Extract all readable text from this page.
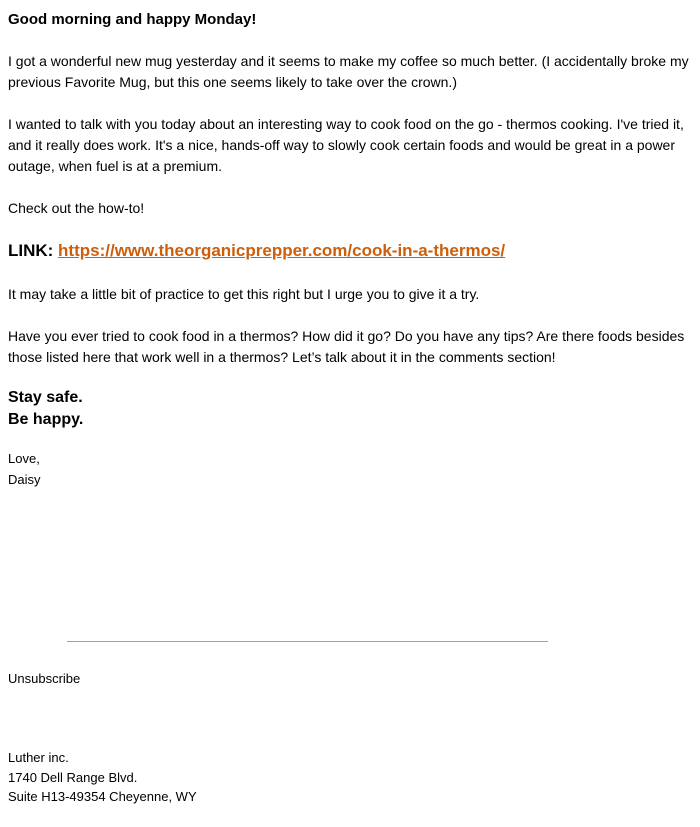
Good morning and happy Monday!

I got a wonderful new mug yesterday and it seems to make my coffee so much better. (I accidentally broke my previous Favorite Mug, but this one seems likely to take over the crown.)

I wanted to talk with you today about an interesting way to cook food on the go - thermos cooking. I've tried it, and it really does work. It's a nice, hands-off way to slowly cook certain foods and would be great in a power outage, when fuel is at a premium.

Check out the how-to!

LINK: https://www.theorganicprepper.com/cook-in-a-thermos/

It may take a little bit of practice to get this right but I urge you to give it a try.

Have you ever tried to cook food in a thermos? How did it go? Do you have any tips? Are there foods besides those listed here that work well in a thermos? Let’s talk about it in the comments section!

Stay safe.
Be happy.
Love,
Daisy
Unsubscribe
Luther inc.
1740 Dell Range Blvd.
Suite H13-49354 Cheyenne, WY
